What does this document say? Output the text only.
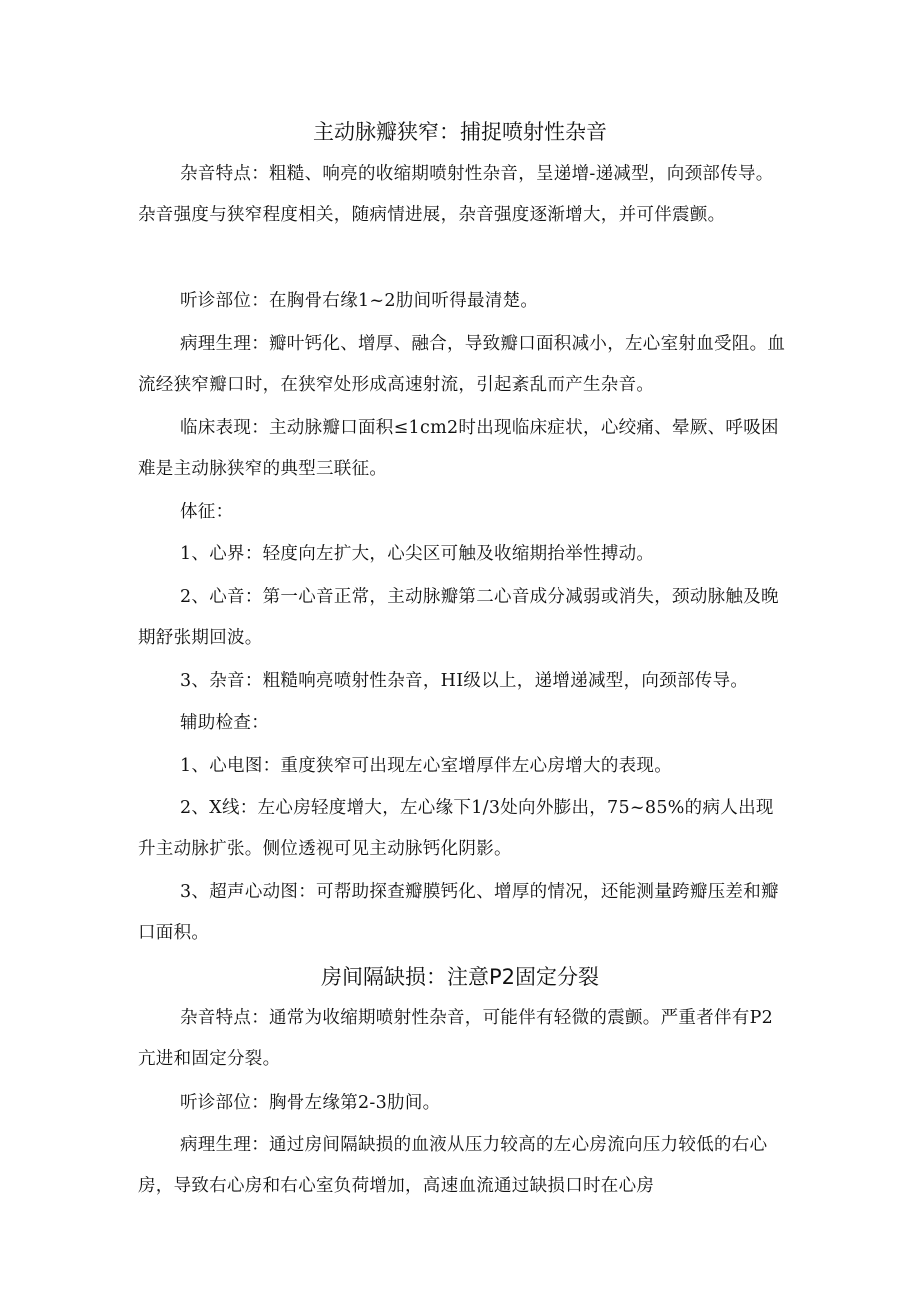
主动脉瓣狭窄：捕捉喷射性杂音

杂音特点：粗糙、响亮的收缩期喷射性杂音，呈递增-递减型，向颈部传导。杂音强度与狭窄程度相关，随病情进展，杂音强度逐渐增大，并可伴震颤。

听诊部位：在胸骨右缘1~2肋间听得最清楚。

病理生理：瓣叶钙化、增厚、融合，导致瓣口面积减小，左心室射血受阻。血流经狭窄瓣口时，在狭窄处形成高速射流，引起紊乱而产生杂音。

临床表现：主动脉瓣口面积≤1cm2时出现临床症状，心绞痛、晕厥、呼吸困难是主动脉狭窄的典型三联征。

体征：

1、心界：轻度向左扩大，心尖区可触及收缩期抬举性搏动。

2、心音：第一心音正常，主动脉瓣第二心音成分减弱或消失，颈动脉触及晚期舒张期回波。

3、杂音：粗糙响亮喷射性杂音，HI级以上，递增递减型，向颈部传导。

辅助检查：

1、心电图：重度狭窄可出现左心室增厚伴左心房增大的表现。

2、X线：左心房轻度增大，左心缘下1/3处向外膨出，75~85%的病人出现升主动脉扩张。侧位透视可见主动脉钙化阴影。

3、超声心动图：可帮助探查瓣膜钙化、增厚的情况，还能测量跨瓣压差和瓣口面积。

房间隔缺损：注意P2固定分裂

杂音特点：通常为收缩期喷射性杂音，可能伴有轻微的震颤。严重者伴有P2亢进和固定分裂。

听诊部位：胸骨左缘第2-3肋间。

病理生理：通过房间隔缺损的血液从压力较高的左心房流向压力较低的右心房，导致右心房和右心室负荷增加，高速血流通过缺损口时在心房
